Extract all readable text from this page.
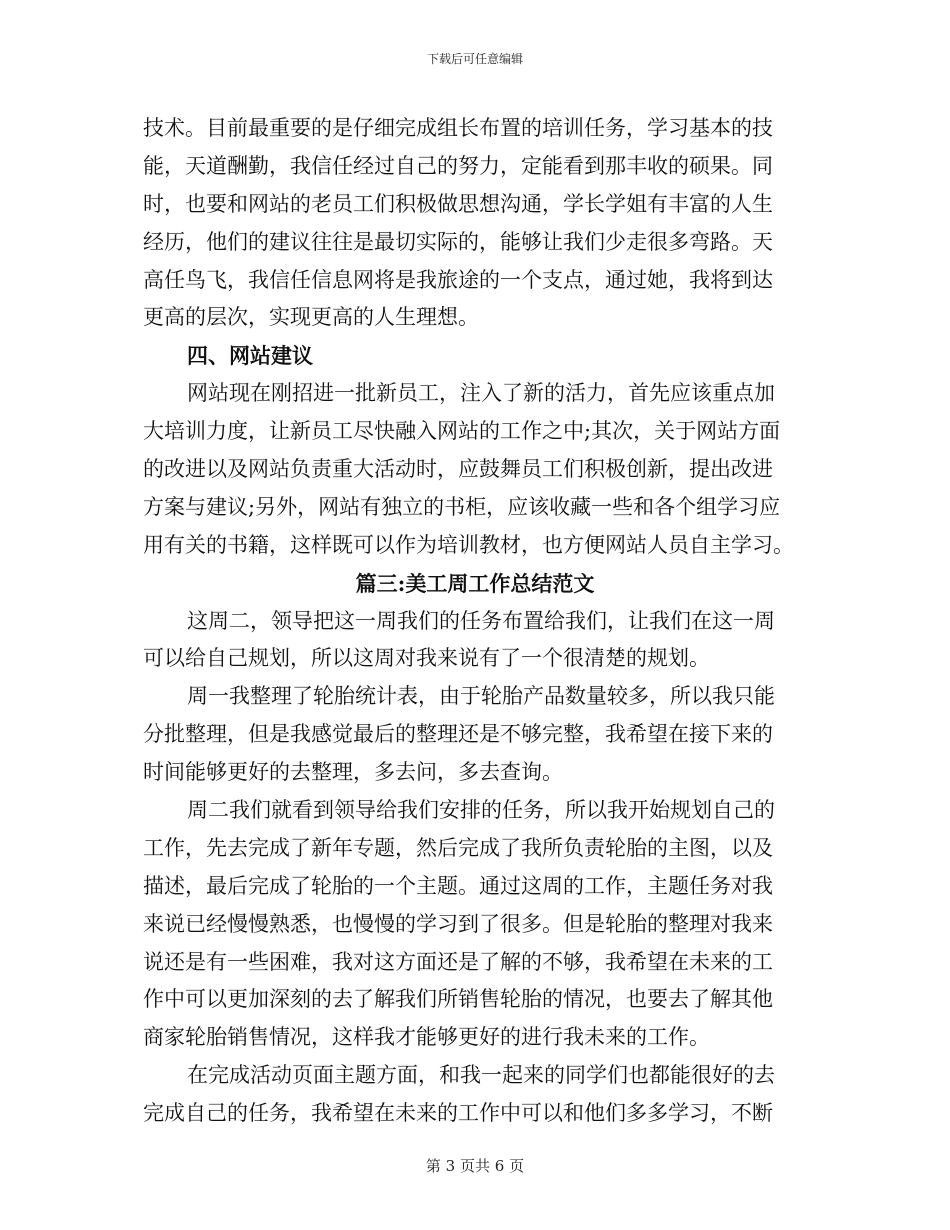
下载后可任意编辑
技术。目前最重要的是仔细完成组长布置的培训任务，学习基本的技
能，天道酬勤，我信任经过自己的努力，定能看到那丰收的硕果。同
时，也要和网站的老员工们积极做思想沟通，学长学姐有丰富的人生
经历，他们的建议往往是最切实际的，能够让我们少走很多弯路。天
高任鸟飞，我信任信息网将是我旅途的一个支点，通过她，我将到达
更高的层次，实现更高的人生理想。
四、网站建议
网站现在刚招进一批新员工，注入了新的活力，首先应该重点加
大培训力度，让新员工尽快融入网站的工作之中;其次，关于网站方面
的改进以及网站负责重大活动时，应鼓舞员工们积极创新，提出改进
方案与建议;另外，网站有独立的书柜，应该收藏一些和各个组学习应
用有关的书籍，这样既可以作为培训教材，也方便网站人员自主学习。
篇三:美工周工作总结范文
这周二，领导把这一周我们的任务布置给我们，让我们在这一周
可以给自己规划，所以这周对我来说有了一个很清楚的规划。
周一我整理了轮胎统计表，由于轮胎产品数量较多，所以我只能
分批整理，但是我感觉最后的整理还是不够完整，我希望在接下来的
时间能够更好的去整理，多去问，多去查询。
周二我们就看到领导给我们安排的任务，所以我开始规划自己的
工作，先去完成了新年专题，然后完成了我所负责轮胎的主图，以及
描述，最后完成了轮胎的一个主题。通过这周的工作，主题任务对我
来说已经慢慢熟悉，也慢慢的学习到了很多。但是轮胎的整理对我来
说还是有一些困难，我对这方面还是了解的不够，我希望在未来的工
作中可以更加深刻的去了解我们所销售轮胎的情况，也要去了解其他
商家轮胎销售情况，这样我才能够更好的进行我未来的工作。
在完成活动页面主题方面，和我一起来的同学们也都能很好的去
完成自己的任务，我希望在未来的工作中可以和他们多多学习，不断
第 3 页共 6 页
